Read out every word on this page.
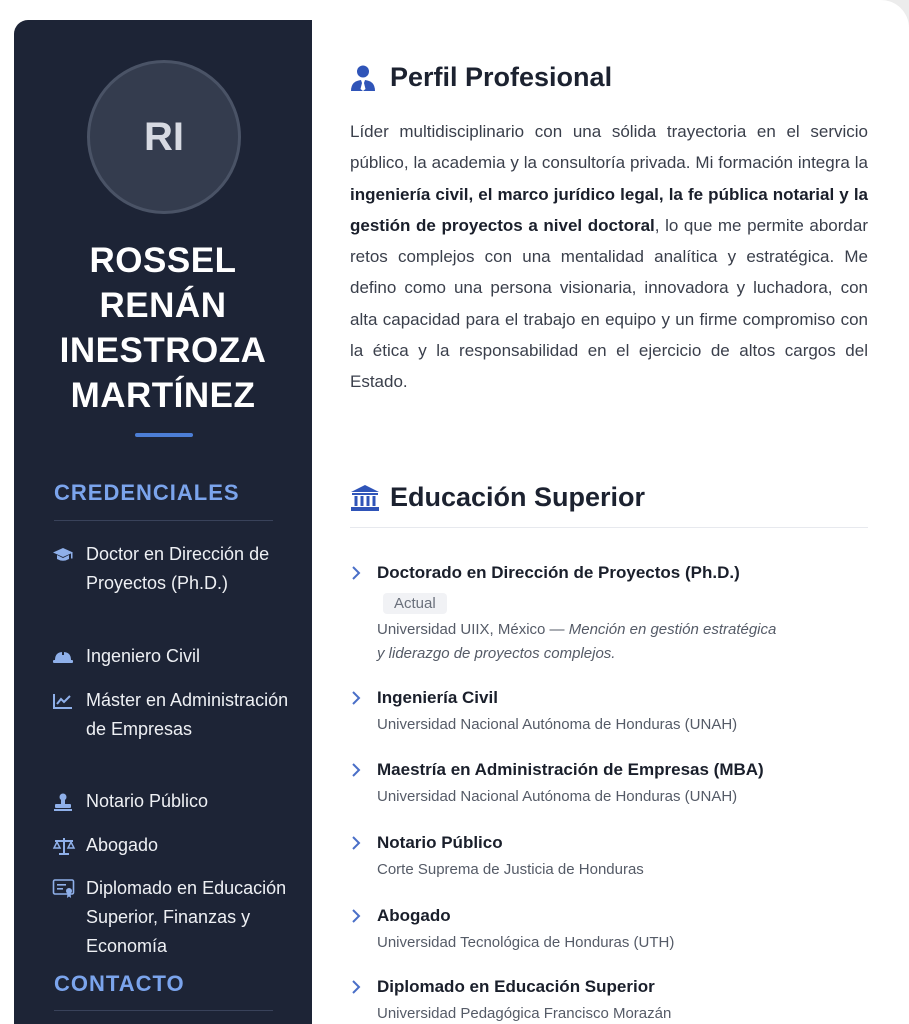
RI
ROSSEL
RENÁN
INESTROZA
MARTÍNEZ
CREDENCIALES
Doctor en Dirección de Proyectos (Ph.D.)
Ingeniero Civil
Máster en Administración de Empresas
Notario Público
Abogado
Diplomado en Educación Superior, Finanzas y Economía
CONTACTO
Perfil Profesional

Líder multidisciplinario con una sólida trayectoria en el servicio público, la academia y la consultoría privada. Mi formación integra la ingeniería civil, el marco jurídico legal, la fe pública notarial y la gestión de proyectos a nivel doctoral, lo que me permite abordar retos complejos con una mentalidad analítica y estratégica. Me defino como una persona visionaria, innovadora y luchadora, con alta capacidad para el trabajo en equipo y un firme compromiso con la ética y la responsabilidad en el ejercicio de altos cargos del Estado.

Educación Superior
Doctorado en Dirección de Proyectos (Ph.D.)
Actual
Universidad UIIX, México — Mención en gestión estratégica
y liderazgo de proyectos complejos.
Ingeniería Civil
Universidad Nacional Autónoma de Honduras (UNAH)
Maestría en Administración de Empresas (MBA)
Universidad Nacional Autónoma de Honduras (UNAH)
Notario Público
Corte Suprema de Justicia de Honduras
Abogado
Universidad Tecnológica de Honduras (UTH)
Diplomado en Educación Superior
Universidad Pedagógica Francisco Morazán
